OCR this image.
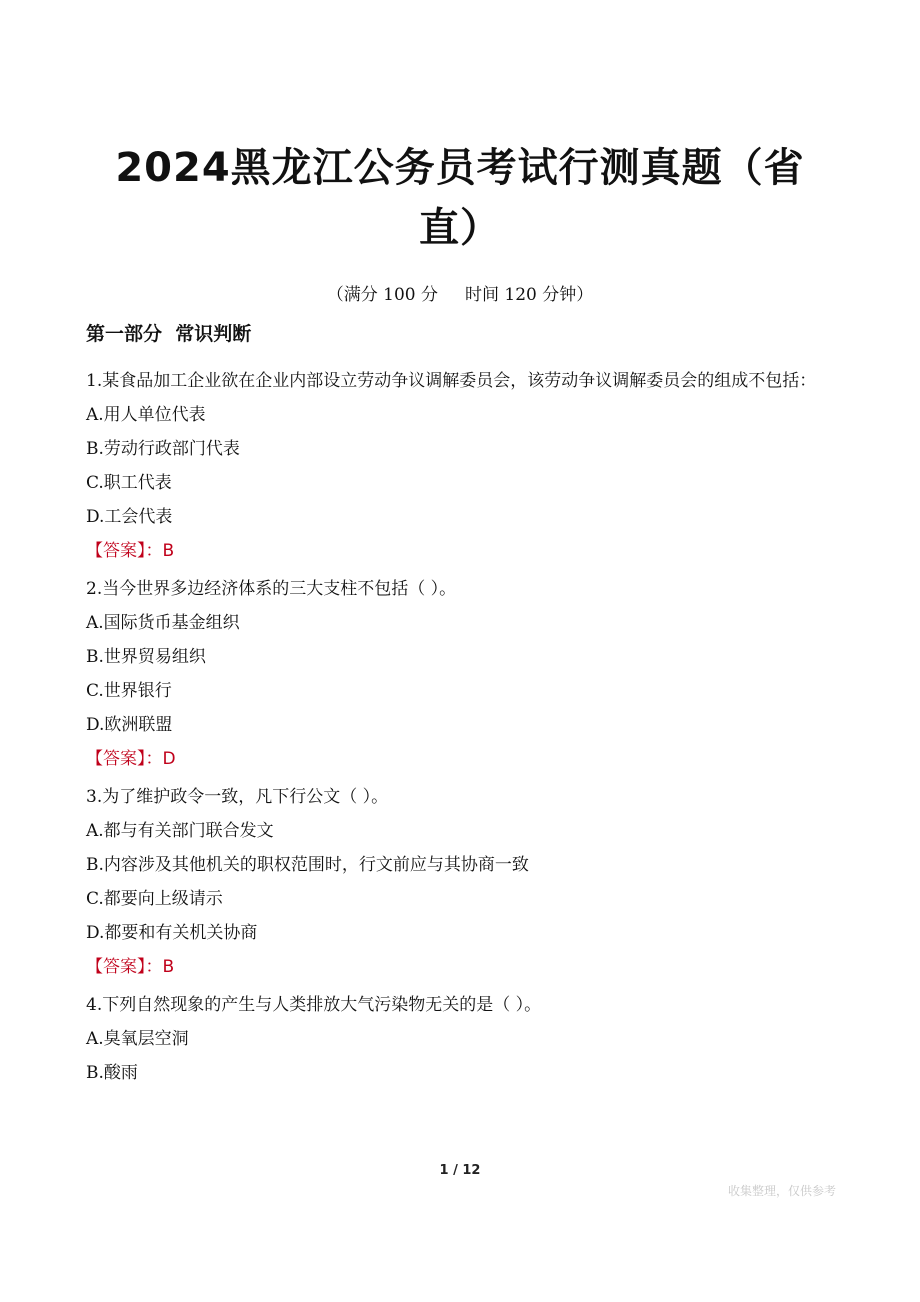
2024黑龙江公务员考试行测真题（省
直）
（满分 100 分     时间 120 分钟）
第一部分  常识判断

1.某食品加工企业欲在企业内部设立劳动争议调解委员会，该劳动争议调解委员会的组成不包括：

A.用人单位代表

B.劳动行政部门代表

C.职工代表

D.工会代表

【答案】：B

2.当今世界多边经济体系的三大支柱不包括（ ）。

A.国际货币基金组织

B.世界贸易组织

C.世界银行

D.欧洲联盟

【答案】：D

3.为了维护政令一致，凡下行公文（ ）。

A.都与有关部门联合发文

B.内容涉及其他机关的职权范围时，行文前应与其协商一致

C.都要向上级请示

D.都要和有关机关协商

【答案】：B

4.下列自然现象的产生与人类排放大气污染物无关的是（ ）。

A.臭氧层空洞

B.酸雨

1 / 12
收集整理，仅供参考
